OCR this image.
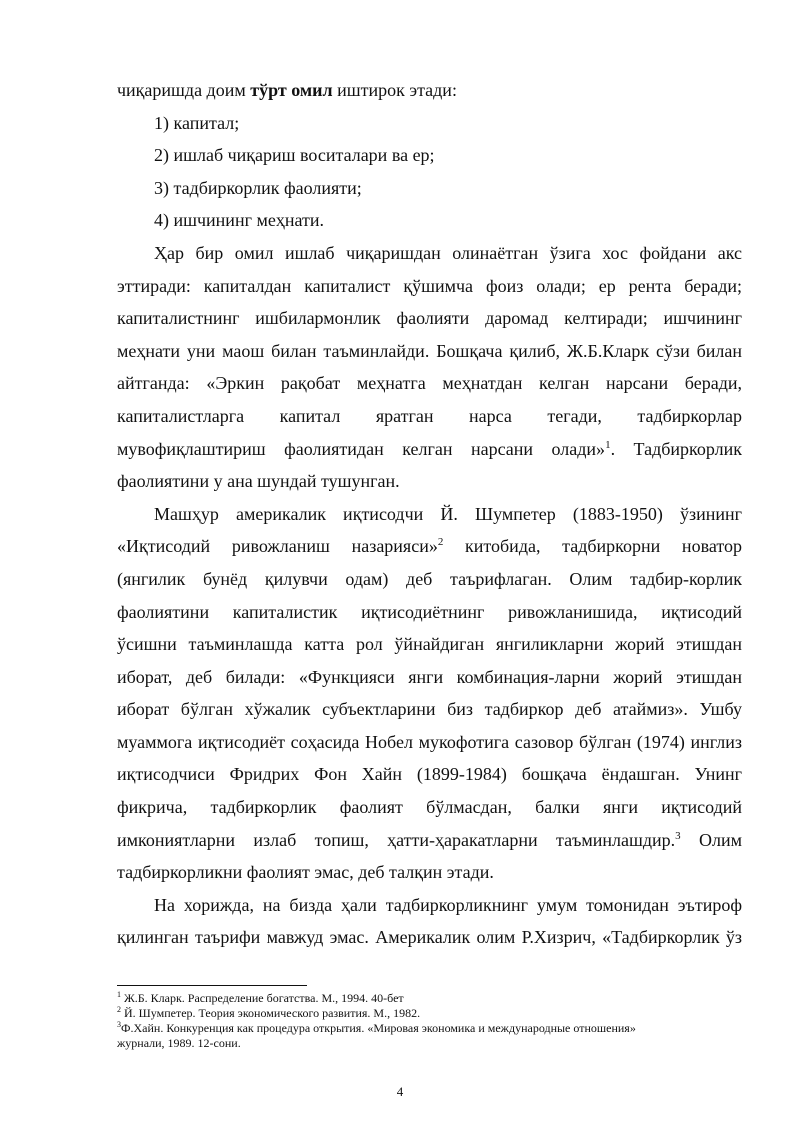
чиқаришда доим тўрт омил иштирок этади:
1) капитал;
2) ишлаб чиқариш воситалари ва ер;
3) тадбиркорлик фаолияти;
4) ишчининг меҳнати.
Ҳар бир омил ишлаб чиқаришдан олинаётган ўзига хос фойдани акс
эттиради: капиталдан капиталист қўшимча фоиз олади; ер рента беради;
капиталистнинг ишбилармонлик фаолияти даромад келтиради; ишчининг
меҳнати уни маош билан таъминлайди. Бошқача қилиб, Ж.Б.Кларк сўзи билан
айтганда: «Эркин рақобат меҳнатга меҳнатдан келган нарсани беради,
капиталистларга капитал яратган нарса тегади, тадбиркорлар
мувофиқлаштириш фаолиятидан келган нарсани олади»$^1$. Тадбиркорлик
фаолиятини у ана шундай тушунган.
Машҳур америкалик иқтисодчи Й. Шумпетер (1883-1950) ўзининг
«Иқтисодий ривожланиш назарияси»$^2$ китобида, тадбиркорни новатор
(янгилик бунёд қилувчи одам) деб таърифлаган. Олим тадбир-корлик
фаолиятини капиталистик иқтисодиётнинг ривожланишида, иқтисодий
ўсишни таъминлашда катта рол ўйнайдиган янгиликларни жорий этишдан
иборат, деб билади: «Функцияси янги комбинация-ларни жорий этишдан
иборат бўлган хўжалик субъектларини биз тадбиркор деб атаймиз». Ушбу
муаммога иқтисодиёт соҳасида Нобел мукофотига сазовор бўлган (1974) инглиз
иқтисодчиси Фридрих Фон Хайн (1899-1984) бошқача ёндашган. Унинг
фикрича, тадбиркорлик фаолият бўлмасдан, балки янги иқтисодий
имкониятларни излаб топиш, ҳатти-ҳаракатларни таъминлашдир.$^3$ Олим
тадбиркорликни фаолият эмас, деб талқин этади.
На хорижда, на бизда ҳали тадбиркорликнинг умум томонидан эътироф
қилинган таърифи мавжуд эмас. Америкалик олим Р.Хизрич, «Тадбиркорлик ўз
$^1$ Ж.Б. Кларк. Распределение богатства. М., 1994. 40-бет
$^2$ Й. Шумпетер. Теория экономического развития. М., 1982.
$^3$Ф.Хайн. Конкуренция как процедура открытия. «Мировая экономика и международные отношения»
журнали, 1989. 12-сони.
4
